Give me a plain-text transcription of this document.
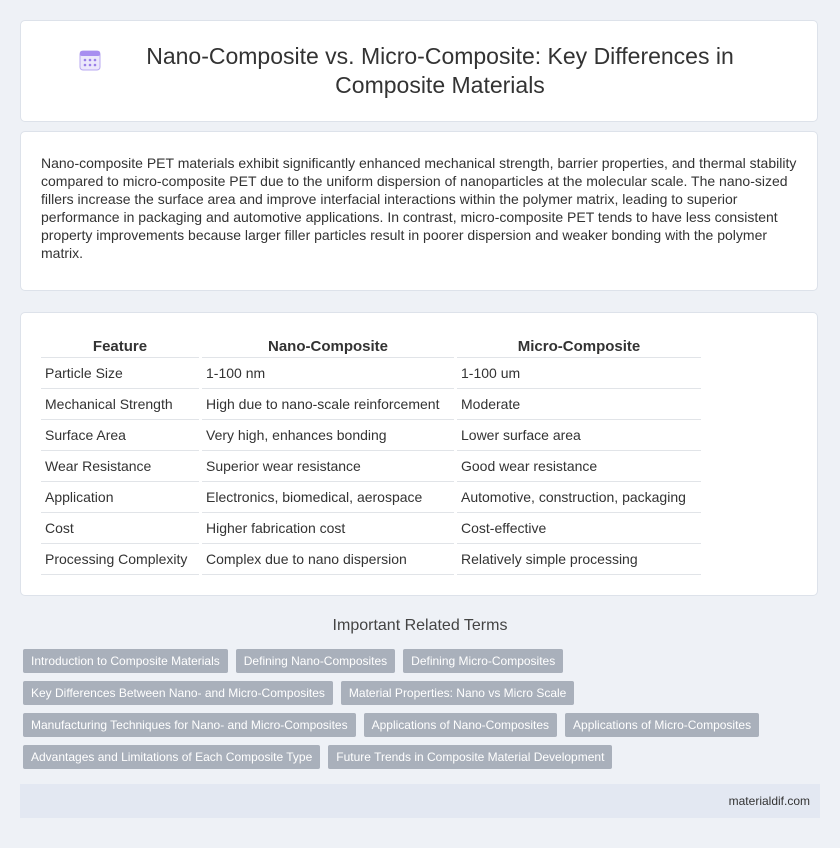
Nano-Composite vs. Micro-Composite: Key Differences in Composite Materials

Nano-composite PET materials exhibit significantly enhanced mechanical strength, barrier properties, and thermal stability compared to micro-composite PET due to the uniform dispersion of nanoparticles at the molecular scale. The nano-sized fillers increase the surface area and improve interfacial interactions within the polymer matrix, leading to superior performance in packaging and automotive applications. In contrast, micro-composite PET tends to have less consistent property improvements because larger filler particles result in poorer dispersion and weaker bonding with the polymer matrix.

Feature	Nano-Composite	Micro-Composite
Particle Size	1-100 nm	1-100 um
Mechanical Strength	High due to nano-scale reinforcement	Moderate
Surface Area	Very high, enhances bonding	Lower surface area
Wear Resistance	Superior wear resistance	Good wear resistance
Application	Electronics, biomedical, aerospace	Automotive, construction, packaging
Cost	Higher fabrication cost	Cost-effective
Processing Complexity	Complex due to nano dispersion	Relatively simple processing
Important Related Terms
Introduction to Composite Materials	Defining Nano-Composites	Defining Micro-Composites
Key Differences Between Nano- and Micro-Composites	Material Properties: Nano vs Micro Scale
Manufacturing Techniques for Nano- and Micro-Composites	Applications of Nano-Composites	Applications of Micro-Composites
Advantages and Limitations of Each Composite Type	Future Trends in Composite Material Development
materialdif.com
